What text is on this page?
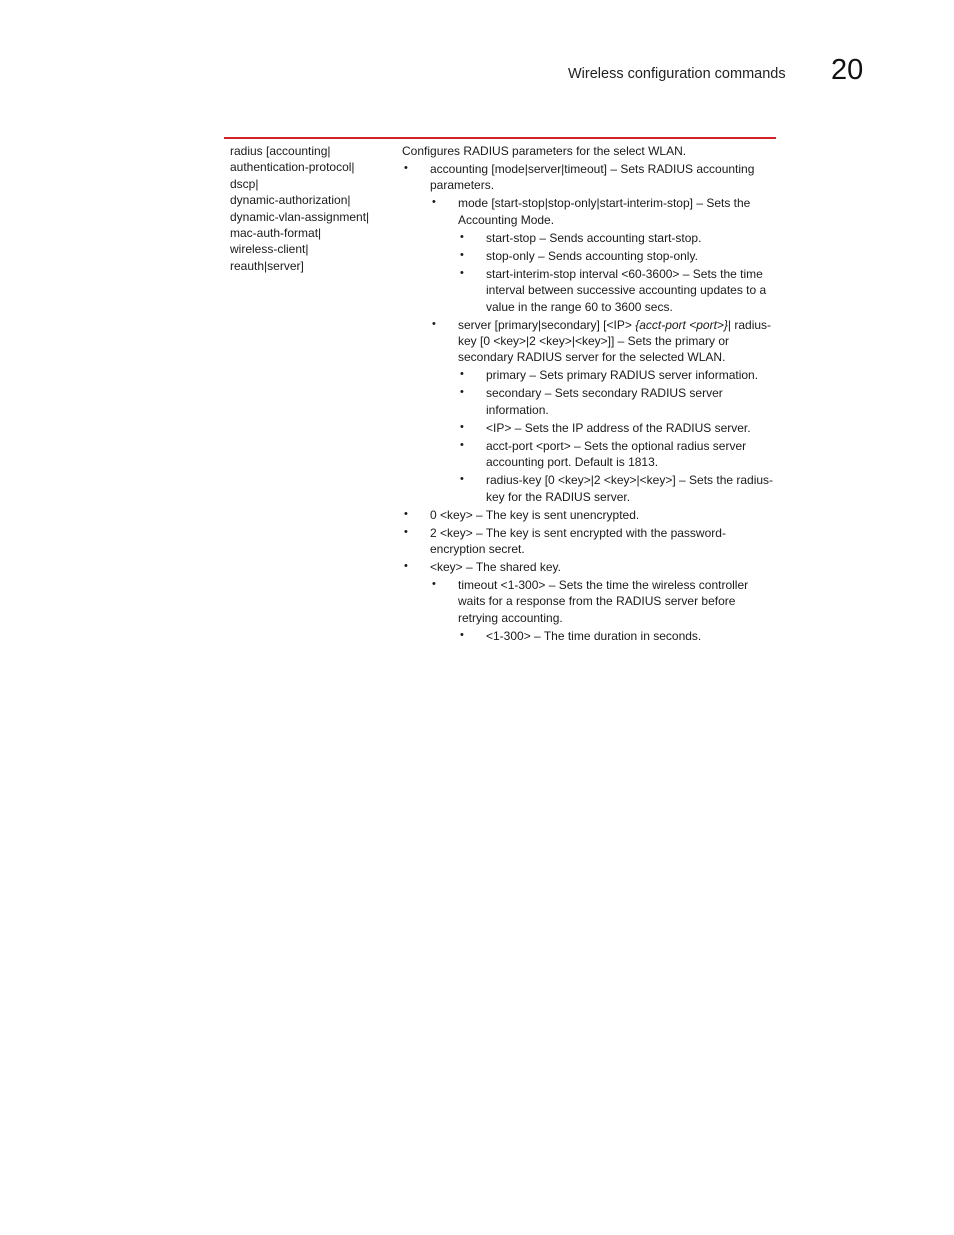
Wireless configuration commands 20
radius [accounting|
authentication-protocol|
dscp|
dynamic-authorization|
dynamic-vlan-assignment|
mac-auth-format|
wireless-client|
reauth|server]
Configures RADIUS parameters for the select WLAN.
• accounting [mode|server|timeout] – Sets RADIUS accounting parameters.
• mode [start-stop|stop-only|start-interim-stop] – Sets the Accounting Mode.
• start-stop – Sends accounting start-stop.
• stop-only – Sends accounting stop-only.
• start-interim-stop interval <60-3600> – Sets the time interval between successive accounting updates to a value in the range 60 to 3600 secs.
• server [primary|secondary] [<IP> {acct-port <port>}| radius-key [0 <key>|2 <key>|<key>]] – Sets the primary or secondary RADIUS server for the selected WLAN.
• primary – Sets primary RADIUS server information.
• secondary – Sets secondary RADIUS server information.
• <IP> – Sets the IP address of the RADIUS server.
• acct-port <port> – Sets the optional radius server accounting port. Default is 1813.
• radius-key [0 <key>|2 <key>|<key>] – Sets the radius-key for the RADIUS server.
• 0 <key> – The key is sent unencrypted.
• 2 <key> – The key is sent encrypted with the password-encryption secret.
• <key> – The shared key.
• timeout <1-300> – Sets the time the wireless controller waits for a response from the RADIUS server before retrying accounting.
• <1-300> – The time duration in seconds.
